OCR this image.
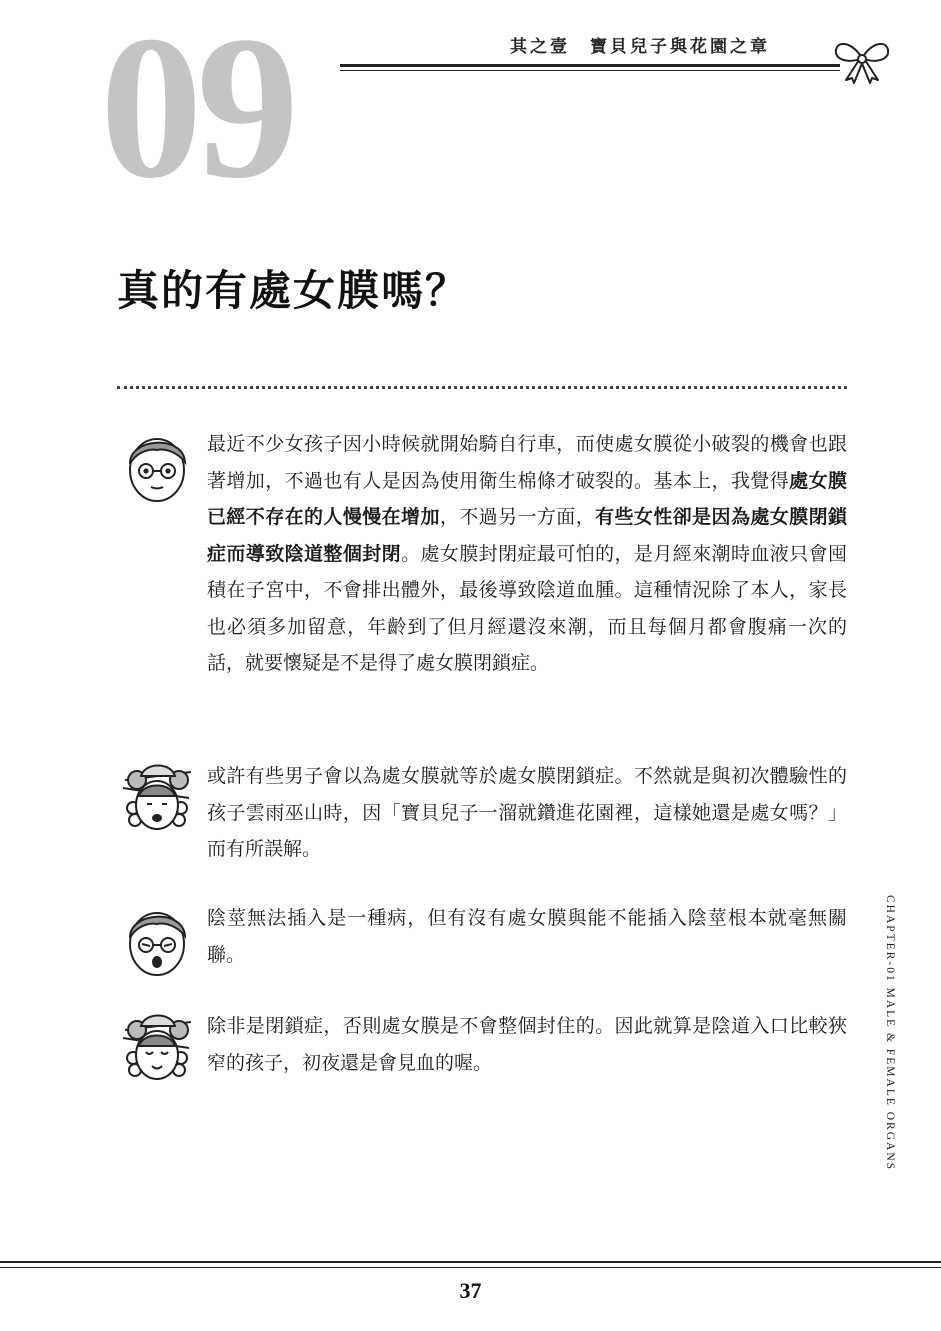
09	其之壹 寶貝兒子與花園之章
真的有處女膜嗎？
最近不少女孩子因小時候就開始騎自行車，而使處女膜從小破裂的機會也跟著增加，不過也有人是因為使用衛生棉條才破裂的。基本上，我覺得處女膜已經不存在的人慢慢在增加，不過另一方面，有些女性卻是因為處女膜閉鎖症而導致陰道整個封閉。處女膜封閉症最可怕的，是月經來潮時血液只會囤積在子宮中，不會排出體外，最後導致陰道血腫。這種情況除了本人，家長也必須多加留意，年齡到了但月經還沒來潮，而且每個月都會腹痛一次的話，就要懷疑是不是得了處女膜閉鎖症。
或許有些男子會以為處女膜就等於處女膜閉鎖症。不然就是與初次體驗性的孩子雲雨巫山時，因「寶貝兒子一溜就鑽進花園裡，這樣她還是處女嗎？」而有所誤解。
陰莖無法插入是一種病，但有沒有處女膜與能不能插入陰莖根本就毫無關聯。
除非是閉鎖症，否則處女膜是不會整個封住的。因此就算是陰道入口比較狹窄的孩子，初夜還是會見血的喔。	CHAPTER-01 MALE & FEMALE ORGANS
37
